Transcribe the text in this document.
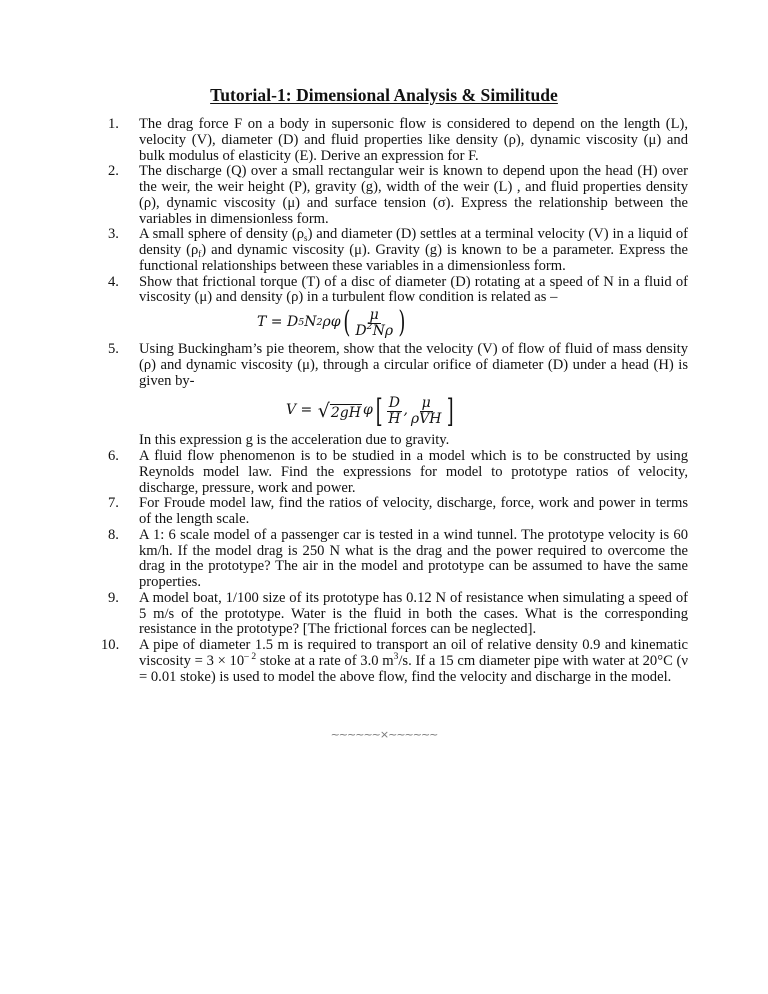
Tutorial-1: Dimensional Analysis & Similitude
1. The drag force F on a body in supersonic flow is considered to depend on the length (L), velocity (V), diameter (D) and fluid properties like density (ρ), dynamic viscosity (μ) and bulk modulus of elasticity (E). Derive an expression for F.
2. The discharge (Q) over a small rectangular weir is known to depend upon the head (H) over the weir, the weir height (P), gravity (g), width of the weir (L) , and fluid properties density (ρ), dynamic viscosity (μ) and surface tension (σ). Express the relationship between the variables in dimensionless form.
3. A small sphere of density $(\rho_s)$ and diameter (D) settles at a terminal velocity (V) in a liquid of density $(\rho_f)$ and dynamic viscosity (μ). Gravity (g) is known to be a parameter. Express the functional relationships between these variables in a dimensionless form.
4. Show that frictional torque (T) of a disc of diameter (D) rotating at a speed of N in a fluid of viscosity (μ) and density (ρ) in a turbulent flow condition is related as –
T = D 5 N 2 ρφ ( $\frac{\mu}{D^2N\rho}$ )
5. Using Buckingham’s pie theorem, show that the velocity (V) of flow of fluid of mass density (ρ) and dynamic viscosity (μ), through a circular orifice of diameter (D) under a head (H) is given by-
V =
√ 2gH φ [ $\frac{D}{H}$ , $\frac{\mu}{\text{ρVH}}$ ]
In this expression g is the acceleration due to gravity.
6. A fluid flow phenomenon is to be studied in a model which is to be constructed by using Reynolds model law. Find the expressions for model to prototype ratios of velocity, discharge, pressure, work and power.
7. For Froude model law, find the ratios of velocity, discharge, force, work and power in terms of the length scale.
8. A 1: 6 scale model of a passenger car is tested in a wind tunnel. The prototype velocity is 60 km/h. If the model drag is 250 N what is the drag and the power required to overcome the drag in the prototype? The air in the model and prototype can be assumed to have the same properties.
9. A model boat, 1/100 size of its prototype has 0.12 N of resistance when simulating a speed of 5 m/s of the prototype. Water is the fluid in both the cases. What is the corresponding resistance in the prototype? [The frictional forces can be neglected].
10. A pipe of diameter 1.5 m is required to transport an oil of relative density 0.9 and kinematic viscosity = $3 \times 10^{- 2}$ stoke at a rate of 3.0 $m^3/s$. If a 15 cm diameter pipe with water at 20°C (ν = 0.01 stoke) is used to model the above flow, find the velocity and discharge in the model.
~~~~~~×~~~~~~
